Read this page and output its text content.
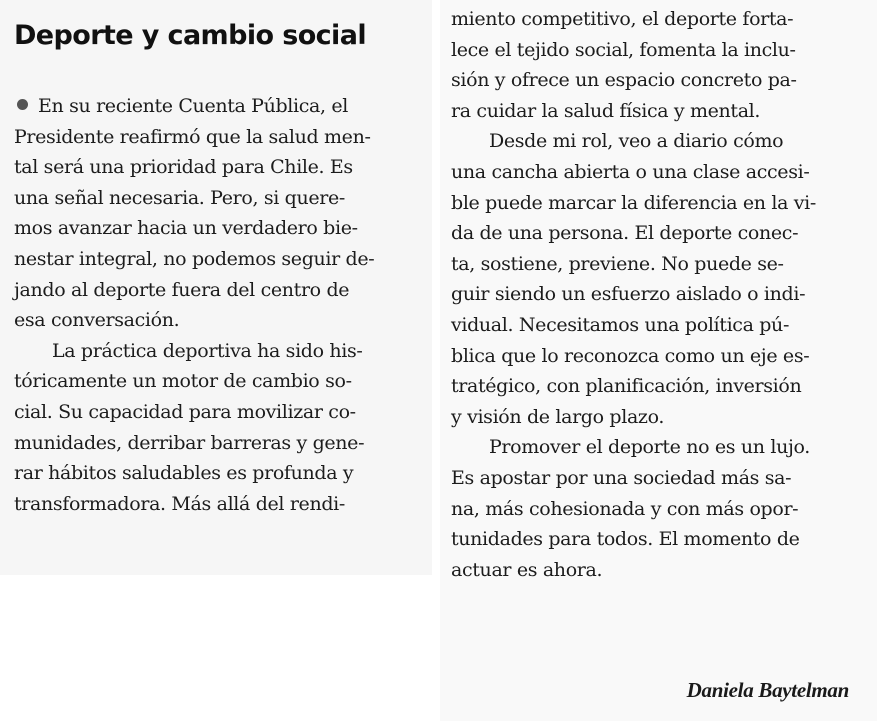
Deporte y cambio social
En su reciente Cuenta Pública, el
Presidente reafirmó que la salud men-
tal será una prioridad para Chile. Es
una señal necesaria. Pero, si quere-
mos avanzar hacia un verdadero bie-
nestar integral, no podemos seguir de-
jando al deporte fuera del centro de
esa conversación.
La práctica deportiva ha sido his-
tóricamente un motor de cambio so-
cial. Su capacidad para movilizar co-
munidades, derribar barreras y gene-
rar hábitos saludables es profunda y
transformadora. Más allá del rendi-
miento competitivo, el deporte forta-
lece el tejido social, fomenta la inclu-
sión y ofrece un espacio concreto pa-
ra cuidar la salud física y mental.
Desde mi rol, veo a diario cómo
una cancha abierta o una clase accesi-
ble puede marcar la diferencia en la vi-
da de una persona. El deporte conec-
ta, sostiene, previene. No puede se-
guir siendo un esfuerzo aislado o indi-
vidual. Necesitamos una política pú-
blica que lo reconozca como un eje es-
tratégico, con planificación, inversión
y visión de largo plazo.
Promover el deporte no es un lujo.
Es apostar por una sociedad más sa-
na, más cohesionada y con más opor-
tunidades para todos. El momento de
actuar es ahora.
Daniela Baytelman
